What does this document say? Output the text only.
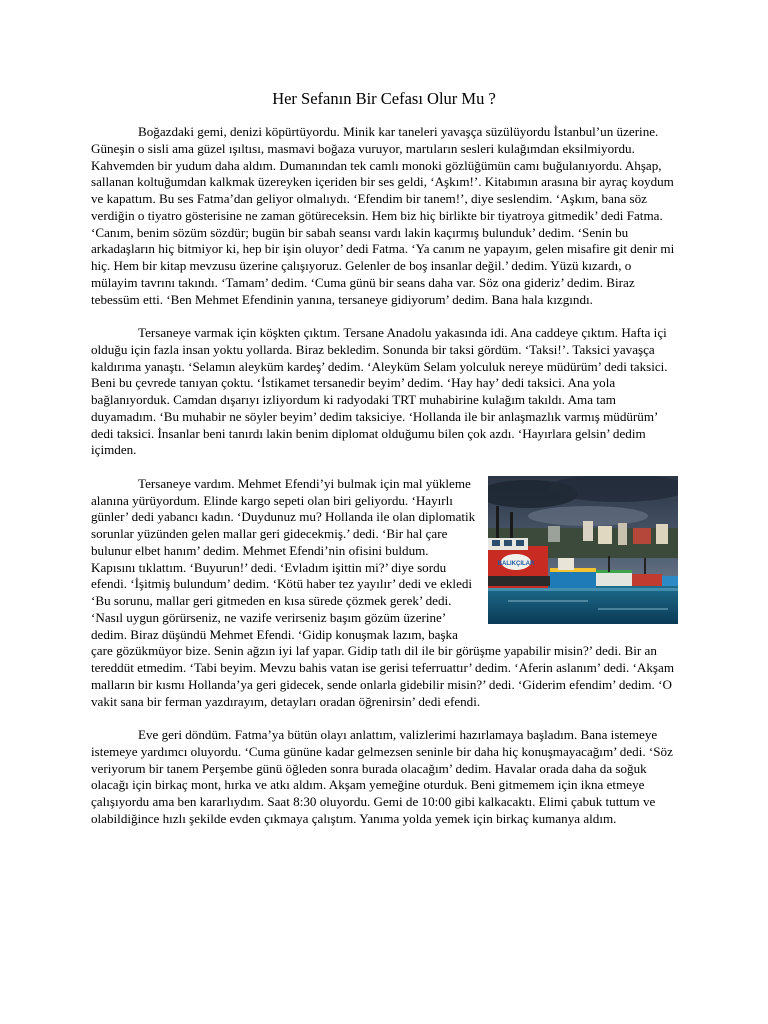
Her Sefanın Bir Cefası Olur Mu ?

Boğazdaki gemi, denizi köpürtüyordu. Minik kar taneleri yavaşça süzülüyordu İstanbul’un üzerine. Güneşin o sisli ama güzel ışıltısı, masmavi boğaza vuruyor, martıların sesleri kulağımdan eksilmiyordu. Kahvemden bir yudum daha aldım. Dumanından tek camlı monoki gözlüğümün camı buğulanıyordu. Ahşap, sallanan koltuğumdan kalkmak üzereyken içeriden bir ses geldi, ‘Aşkım!’. Kitabımın arasına bir ayraç koydum ve kapattım. Bu ses Fatma’dan geliyor olmalıydı. ‘Efendim bir tanem!’, diye seslendim. ‘Aşkım, bana söz verdiğin o tiyatro gösterisine ne zaman götüreceksin. Hem biz hiç birlikte bir tiyatroya gitmedik’ dedi Fatma. ‘Canım, benim sözüm sözdür; bugün bir sabah seansı vardı lakin kaçırmış bulunduk’ dedim. ‘Senin bu arkadaşların hiç bitmiyor ki, hep bir işin oluyor’ dedi Fatma. ‘Ya canım ne yapayım, gelen misafire git denir mi hiç. Hem bir kitap mevzusu üzerine çalışıyoruz. Gelenler de boş insanlar değil.’ dedim. Yüzü kızardı, o mülayim tavrını takındı. ‘Tamam’ dedim. ‘Cuma günü bir seans daha var. Söz ona gideriz’ dedim. Biraz tebessüm etti. ‘Ben Mehmet Efendinin yanına, tersaneye gidiyorum’ dedim. Bana hala kızgındı.

Tersaneye varmak için köşkten çıktım. Tersane Anadolu yakasında idi. Ana caddeye çıktım. Hafta içi olduğu için fazla insan yoktu yollarda. Biraz bekledim. Sonunda bir taksi gördüm. ‘Taksi!’. Taksici yavaşça kaldırıma yanaştı. ‘Selamın aleyküm kardeş’ dedim. ‘Aleyküm Selam yolculuk nereye müdürüm’ dedi taksici. Beni bu çevrede tanıyan çoktu. ‘İstikamet tersanedir beyim’ dedim. ‘Hay hay’ dedi taksici. Ana yola bağlanıyorduk. Camdan dışarıyı izliyordum ki radyodaki TRT muhabirine kulağım takıldı. Ama tam duyamadım. ‘Bu muhabir ne söyler beyim’ dedim taksiciye. ‘Hollanda ile bir anlaşmazlık varmış müdürüm’ dedi taksici. İnsanlar beni tanırdı lakin benim diplomat olduğumu bilen çok azdı. ‘Hayırlara gelsin’ dedim içimden.

BALIKÇILAR

Tersaneye vardım. Mehmet Efendi’yi bulmak için mal yükleme alanına yürüyordum. Elinde kargo sepeti olan biri geliyordu. ‘Hayırlı günler’ dedi yabancı kadın. ‘Duydunuz mu? Hollanda ile olan diplomatik sorunlar yüzünden gelen mallar geri gidecekmiş.’ dedi. ‘Bir hal çare bulunur elbet hanım’ dedim. Mehmet Efendi’nin ofisini buldum. Kapısını tıklattım. ‘Buyurun!’ dedi. ‘Evladım işittin mi?’ diye sordu efendi. ‘İşitmiş bulundum’ dedim. ‘Kötü haber tez yayılır’ dedi ve ekledi ‘Bu sorunu, mallar geri gitmeden en kısa sürede çözmek gerek’ dedi. ‘Nasıl uygun görürseniz, ne vazife verirseniz başım gözüm üzerine’ dedim. Biraz düşündü Mehmet Efendi. ‘Gidip konuşmak lazım, başka çare gözükmüyor bize. Senin ağzın iyi laf yapar. Gidip tatlı dil ile bir görüşme yapabilir misin?’ dedi. Bir an tereddüt etmedim. ‘Tabi beyim. Mevzu bahis vatan ise gerisi teferruattır’ dedim. ‘Aferin aslanım’ dedi. ‘Akşam malların bir kısmı Hollanda’ya geri gidecek, sende onlarla gidebilir misin?’ dedi. ‘Giderim efendim’ dedim. ‘O vakit sana bir ferman yazdırayım, detayları oradan öğrenirsin’ dedi efendi.

Eve geri döndüm. Fatma’ya bütün olayı anlattım, valizlerimi hazırlamaya başladım. Bana istemeye istemeye yardımcı oluyordu. ‘Cuma gününe kadar gelmezsen seninle bir daha hiç konuşmayacağım’ dedi. ‘Söz veriyorum bir tanem Perşembe günü öğleden sonra burada olacağım’ dedim. Havalar orada daha da soğuk olacağı için birkaç mont, hırka ve atkı aldım. Akşam yemeğine oturduk. Beni gitmemem için ikna etmeye çalışıyordu ama ben kararlıydım. Saat 8:30 oluyordu. Gemi de 10:00 gibi kalkacaktı. Elimi çabuk tuttum ve olabildiğince hızlı şekilde evden çıkmaya çalıştım. Yanıma yolda yemek için birkaç kumanya aldım.
